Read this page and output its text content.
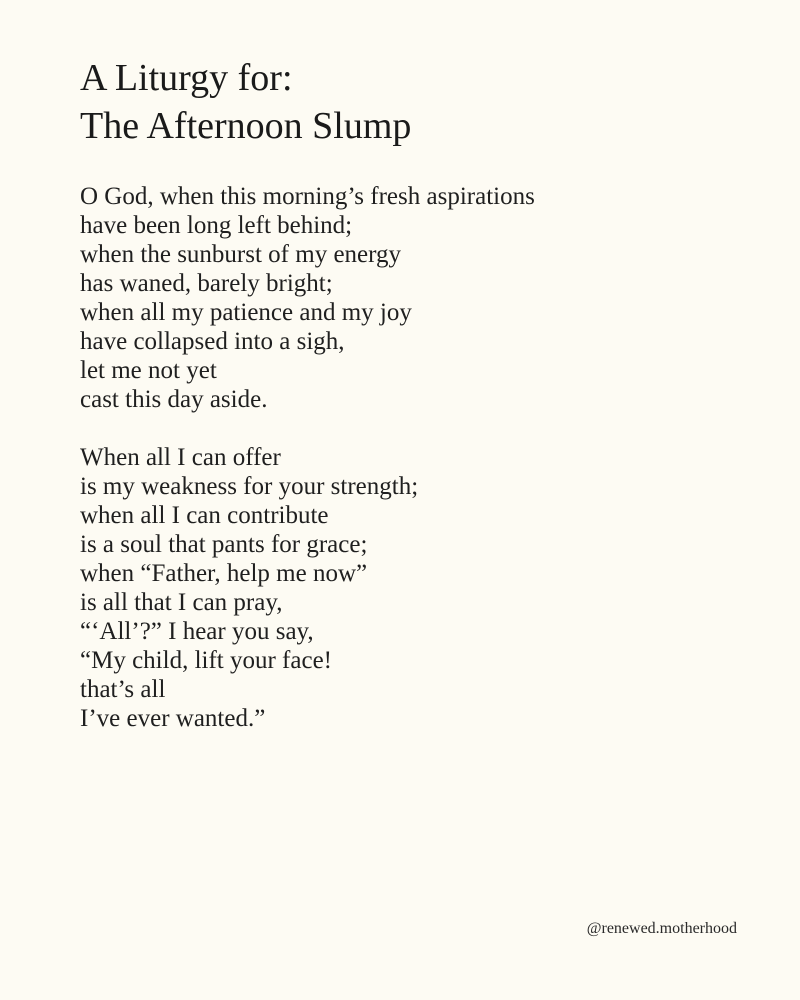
A Liturgy for:
The Afternoon Slump
O God, when this morning’s fresh aspirations
have been long left behind;
when the sunburst of my energy
has waned, barely bright;
when all my patience and my joy
have collapsed into a sigh,
let me not yet
cast this day aside.
When all I can offer
is my weakness for your strength;
when all I can contribute
is a soul that pants for grace;
when “Father, help me now”
is all that I can pray,
“‘All’?” I hear you say,
“My child, lift your face!
that’s all
I’ve ever wanted.”
@renewed.motherhood
